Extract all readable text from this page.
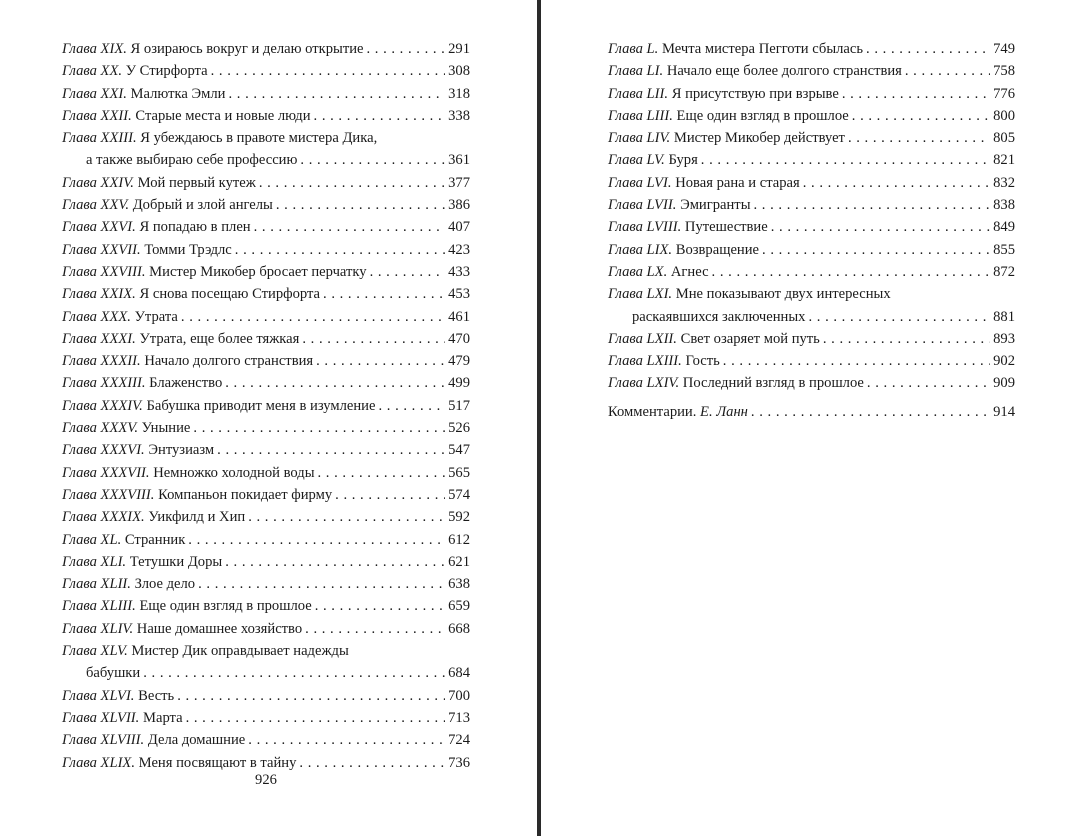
Глава XIX. Я озираюсь вокруг и делаю открытие . . .	291
Глава XX. У Стирфорта . . .	308
Глава XXI. Малютка Эмли . . .	318
Глава XXII. Старые места и новые люди . . .	338
Глава XXIII. Я убеждаюсь в правоте мистера Дика,
а также выбираю себе профессию . . .	361
Глава XXIV. Мой первый кутеж . . .	377
Глава XXV. Добрый и злой ангелы . . .	386
Глава XXVI. Я попадаю в плен . . .	407
Глава XXVII. Томми Трэдлс . . .	423
Глава XXVIII. Мистер Микобер бросает перчатку . . .	433
Глава XXIX. Я снова посещаю Стирфорта . . .	453
Глава XXX. Утрата . . .	461
Глава XXXI. Утрата, еще более тяжкая . . .	470
Глава XXXII. Начало долгого странствия . . .	479
Глава XXXIII. Блаженство . . .	499
Глава XXXIV. Бабушка приводит меня в изумление . . .	517
Глава XXXV. Уныние . . .	526
Глава XXXVI. Энтузиазм . . .	547
Глава XXXVII. Немножко холодной воды . . .	565
Глава XXXVIII. Компаньон покидает фирму . . .	574
Глава XXXIX. Уикфилд и Хип . . .	592
Глава XL. Странник . . .	612
Глава XLI. Тетушки Доры . . .	621
Глава XLII. Злое дело . . .	638
Глава XLIII. Еще один взгляд в прошлое . . .	659
Глава XLIV. Наше домашнее хозяйство . . .	668
Глава XLV. Мистер Дик оправдывает надежды
бабушки . . .	684
Глава XLVI. Весть . . .	700
Глава XLVII. Марта . . .	713
Глава XLVIII. Дела домашние . . .	724
Глава XLIX. Меня посвящают в тайну . . .	736
926
Глава L. Мечта мистера Пегготи сбылась . . .	749
Глава LI. Начало еще более долгого странствия . . .	758
Глава LII. Я присутствую при взрыве . . .	776
Глава LIII. Еще один взгляд в прошлое . . .	800
Глава LIV. Мистер Микобер действует . . .	805
Глава LV. Буря . . .	821
Глава LVI. Новая рана и старая . . .	832
Глава LVII. Эмигранты . . .	838
Глава LVIII. Путешествие . . .	849
Глава LIX. Возвращение . . .	855
Глава LX. Агнес . . .	872
Глава LXI. Мне показывают двух интересных
раскаявшихся заключенных . . .	881
Глава LXII. Свет озаряет мой путь . . .	893
Глава LXIII. Гость . . .	902
Глава LXIV. Последний взгляд в прошлое . . .	909
Комментарии.
Е. Ланн . . .	914
